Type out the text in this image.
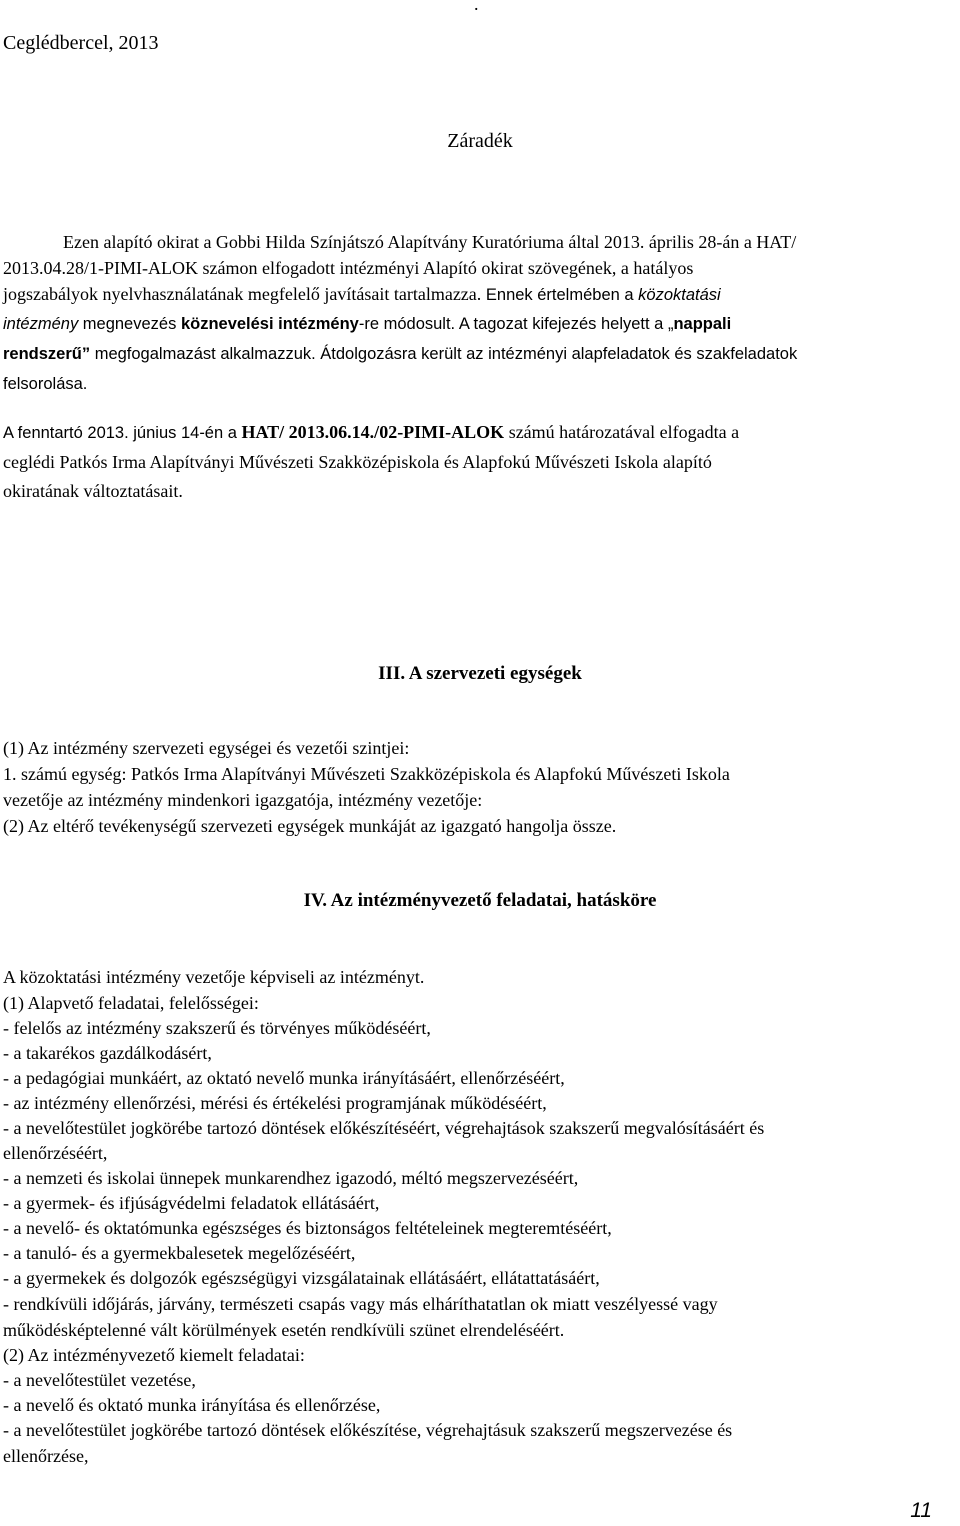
.
Ceglédbercel, 2013
Záradék
Ezen alapító okirat a Gobbi Hilda Színjátszó Alapítvány Kuratóriuma által 2013. április 28-án a HAT/
2013.04.28/1-PIMI-ALOK számon elfogadott intézményi Alapító okirat szövegének, a hatályos
jogszabályok nyelvhasználatának megfelelő javításait tartalmazza. Ennek értelmében a közoktatási
intézmény megnevezés köznevelési intézmény-re módosult. A tagozat kifejezés helyett a „nappali
rendszerű” megfogalmazást alkalmazzuk. Átdolgozásra került az intézményi alapfeladatok és szakfeladatok
felsorolása.
A fenntartó 2013. június 14-én a HAT/ 2013.06.14./02-PIMI-ALOK számú határozatával elfogadta a
ceglédi Patkós Irma Alapítványi Művészeti Szakközépiskola és Alapfokú Művészeti Iskola alapító
okiratának változtatásait.
III. A szervezeti egységek
(1) Az intézmény szervezeti egységei és vezetői szintjei:
1. számú egység: Patkós Irma Alapítványi Művészeti Szakközépiskola és Alapfokú Művészeti Iskola
vezetője az intézmény mindenkori igazgatója, intézmény vezetője:
(2) Az eltérő tevékenységű szervezeti egységek munkáját az igazgató hangolja össze.
IV. Az intézményvezető feladatai, hatásköre
A közoktatási intézmény vezetője képviseli az intézményt.
(1) Alapvető feladatai, felelősségei:
- felelős az intézmény szakszerű és törvényes működéséért,
- a takarékos gazdálkodásért,
- a pedagógiai munkáért, az oktató nevelő munka irányításáért, ellenőrzéséért,
- az intézmény ellenőrzési, mérési és értékelési programjának működéséért,
- a nevelőtestület jogkörébe tartozó döntések előkészítéséért, végrehajtások szakszerű megvalósításáért és
ellenőrzéséért,
- a nemzeti és iskolai ünnepek munkarendhez igazodó, méltó megszervezéséért,
- a gyermek- és ifjúságvédelmi feladatok ellátásáért,
- a nevelő- és oktatómunka egészséges és biztonságos feltételeinek megteremtéséért,
- a tanuló- és a gyermekbalesetek megelőzéséért,
- a gyermekek és dolgozók egészségügyi vizsgálatainak ellátásáért, ellátattatásáért,
- rendkívüli időjárás, járvány, természeti csapás vagy más elháríthatatlan ok miatt veszélyessé vagy
működésképtelenné vált körülmények esetén rendkívüli szünet elrendeléséért.
(2) Az intézményvezető kiemelt feladatai:
- a nevelőtestület vezetése,
- a nevelő és oktató munka irányítása és ellenőrzése,
- a nevelőtestület jogkörébe tartozó döntések előkészítése, végrehajtásuk szakszerű megszervezése és
ellenőrzése,
11
